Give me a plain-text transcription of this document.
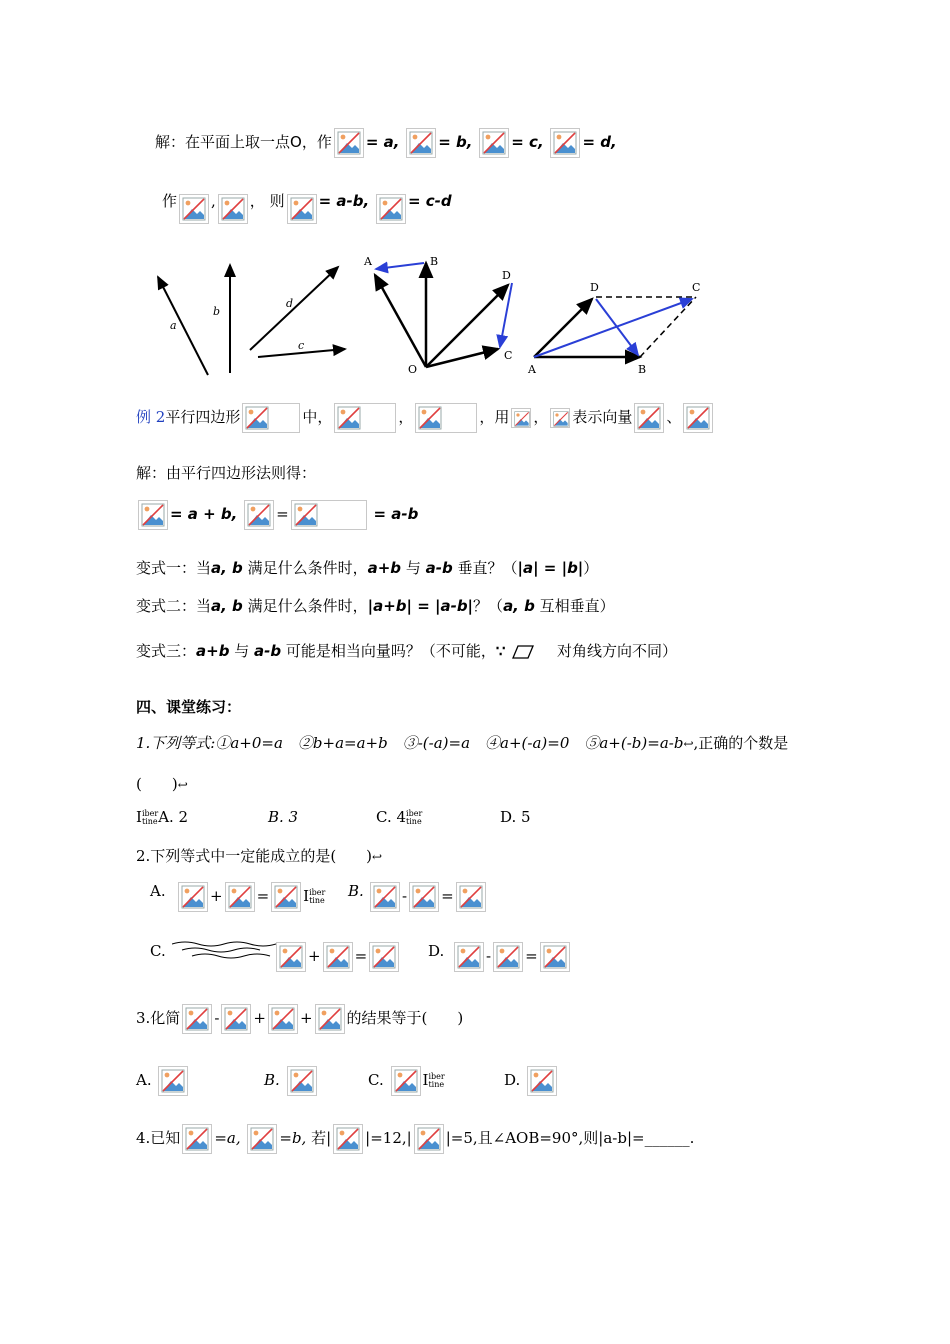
解：在平面上取一点O，作 = a,	= b,	= c,	= d,
作 , ， 则 = a-b,	= c-d
a
b
d
c
A	B
D
O
C
D	C
A	B
例 2平行四边形	中，	，	，用 ， 表示向量 、
解：由平行四边形法则得：
= a + b,	=	= a-b
变式一：当a, b 满足什么条件时，a+b 与 a-b 垂直？（|a| = |b|）
变式二：当a, b 满足什么条件时，|a+b| = |a-b|？（a, b 互相垂直）
变式三：a+b 与 a-b 可能是相当向量吗？（不可能，∵	对角线方向不同）
四、课堂练习：
1.下列等式:①a+0=a　②b+a=a+b　③-(-a)=a　④a+(-a)=0　⑤a+(-b)=a-b↩,正确的个数是
(　　)↩
Iiber
tineA. 2	B. 3	C. 4iber
tine	D. 5
2.下列等式中一定能成立的是(　　)↩
A.	+ = Iiber
tine
B.	- =
C.	+ =	D.	- =
3.化简 - + + 的结果等于(　　)
A.	B.	C.	Iiber
tine	D.
4.已知 =a,	=b, 若| |=12,| |=5,且∠AOB=90°,则|a-b|=______.
